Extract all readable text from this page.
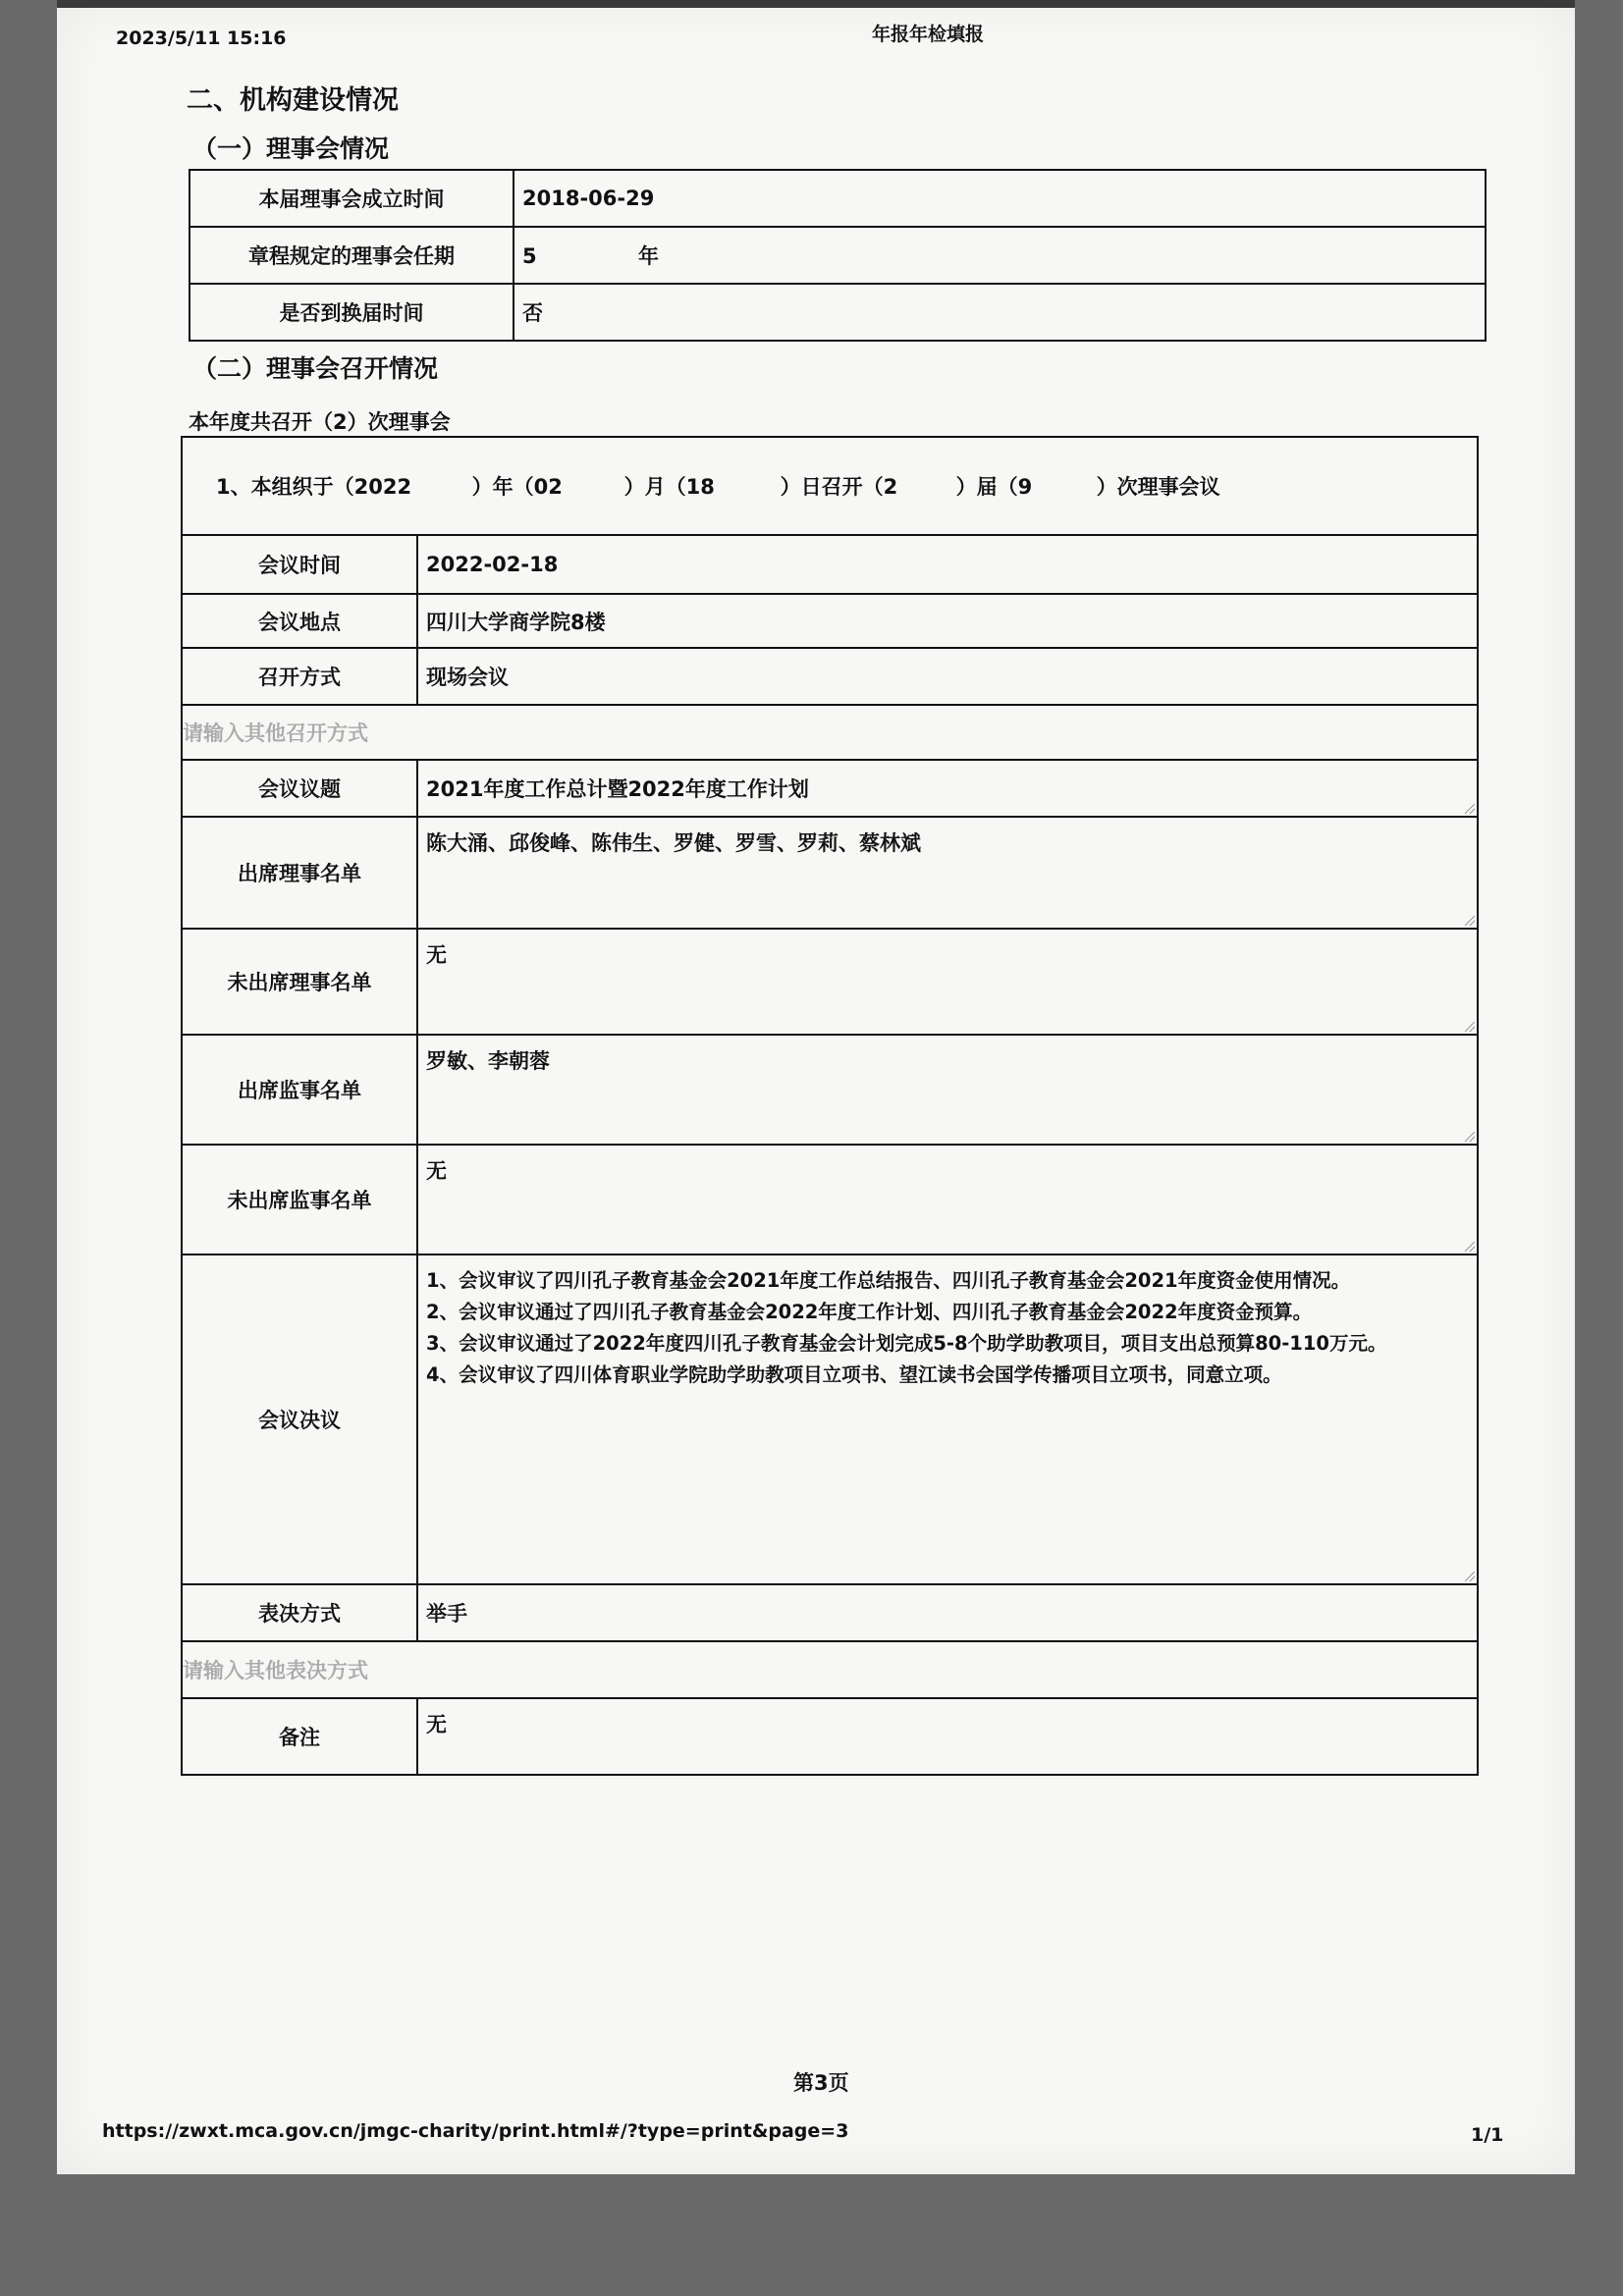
2023/5/11 15:16	年报年检填报
二、机构建设情况
（一）理事会情况
本届理事会成立时间	2018-06-29
章程规定的理事会任期	5 年
是否到换届时间	否
（二）理事会召开情况
本年度共召开（2）次理事会
1、本组织于（2022 ）年（02 ）月（18 ）日召开（2 ）届（9 ）次理事会议	
会议时间	2022-02-18
会议地点	四川大学商学院8楼
召开方式	现场会议
请输入其他召开方式	
会议议题	2021年度工作总计暨2022年度工作计划
出席理事名单	陈大涌、邱俊峰、陈伟生、罗健、罗雪、罗莉、蔡林斌
未出席理事名单	无
出席监事名单	罗敏、李朝蓉
未出席监事名单	无
会议决议	1、会议审议了四川孔子教育基金会2021年度工作总结报告、四川孔子教育基金会2021年度资金使用情况。
2、会议审议通过了四川孔子教育基金会2022年度工作计划、四川孔子教育基金会2022年度资金预算。
3、会议审议通过了2022年度四川孔子教育基金会计划完成5-8个助学助教项目，项目支出总预算80-110万元。
4、会议审议了四川体育职业学院助学助教项目立项书、望江读书会国学传播项目立项书，同意立项。

表决方式	举手
请输入其他表决方式	
备注	无
第3页
https://zwxt.mca.gov.cn/jmgc-charity/print.html#/?type=print&page=3	1/1
